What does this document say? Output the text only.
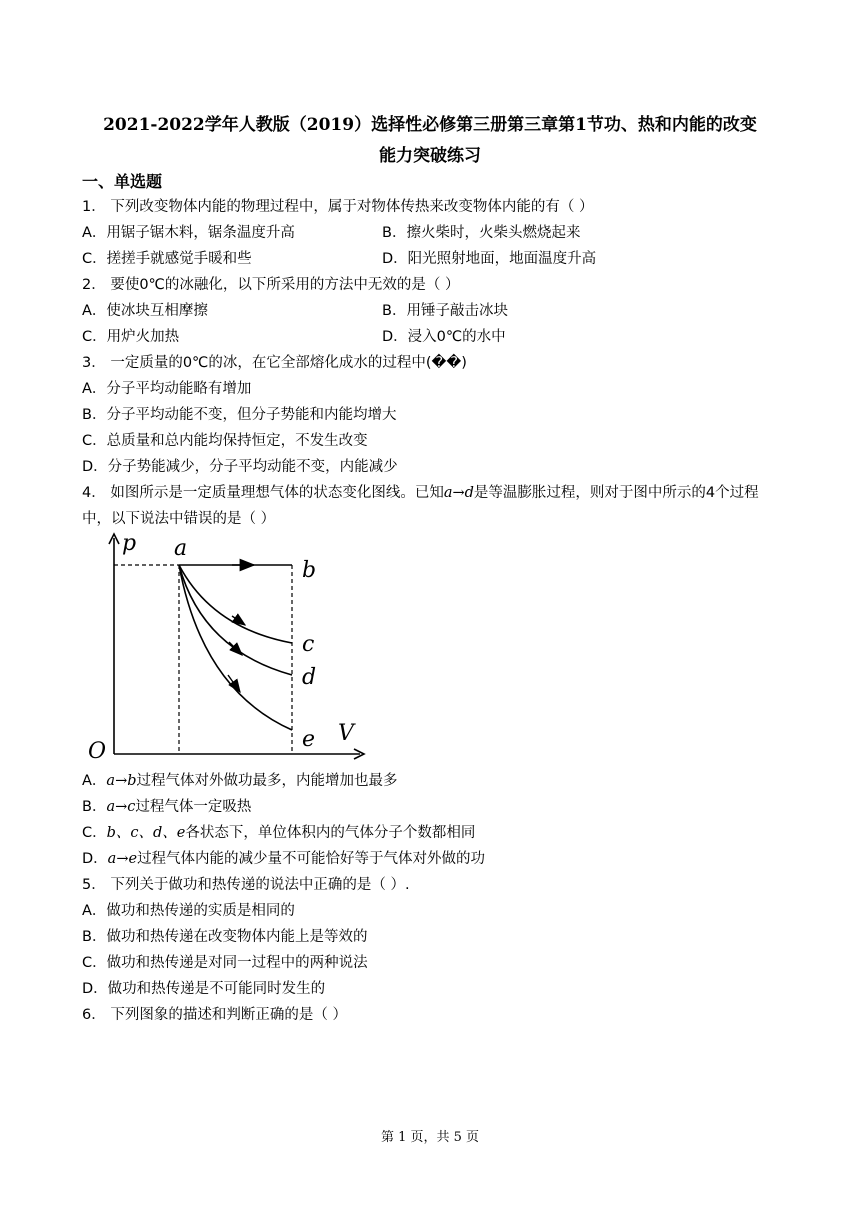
2021-2022学年人教版（2019）选择性必修第三册第三章第1节功、热和内能的改变
能力突破练习
一、单选题
1． 下列改变物体内能的物理过程中，属于对物体传热来改变物体内能的有（ ）
A．用锯子锯木料，锯条温度升高	B．擦火柴时，火柴头燃烧起来
C．搓搓手就感觉手暖和些	D．阳光照射地面，地面温度升高
2． 要使0℃的冰融化，以下所采用的方法中无效的是（ ）
A．使冰块互相摩擦	B．用锤子敲击冰块
C．用炉火加热	D．浸入0℃的水中
3． 一定质量的0℃的冰，在它全部熔化成水的过程中(��)
A．分子平均动能略有增加
B．分子平均动能不变，但分子势能和内能均增大
C．总质量和总内能均保持恒定，不发生改变
D．分子势能减少，分子平均动能不变，内能减少
4． 如图所示是一定质量理想气体的状态变化图线。已知a→d是等温膨胀过程，则对于图中所示的4个过程
中，以下说法中错误的是（ ）
p a
b
c
d
e V
O
A．a→b过程气体对外做功最多，内能增加也最多
B．a→c过程气体一定吸热
C．b、c、d、e各状态下，单位体积内的气体分子个数都相同
D．a→e过程气体内能的减少量不可能恰好等于气体对外做的功
5． 下列关于做功和热传递的说法中正确的是（ ）.
A．做功和热传递的实质是相同的
B．做功和热传递在改变物体内能上是等效的
C．做功和热传递是对同一过程中的两种说法
D．做功和热传递是不可能同时发生的
6． 下列图象的描述和判断正确的是（ ）
第 1 页，共 5 页
